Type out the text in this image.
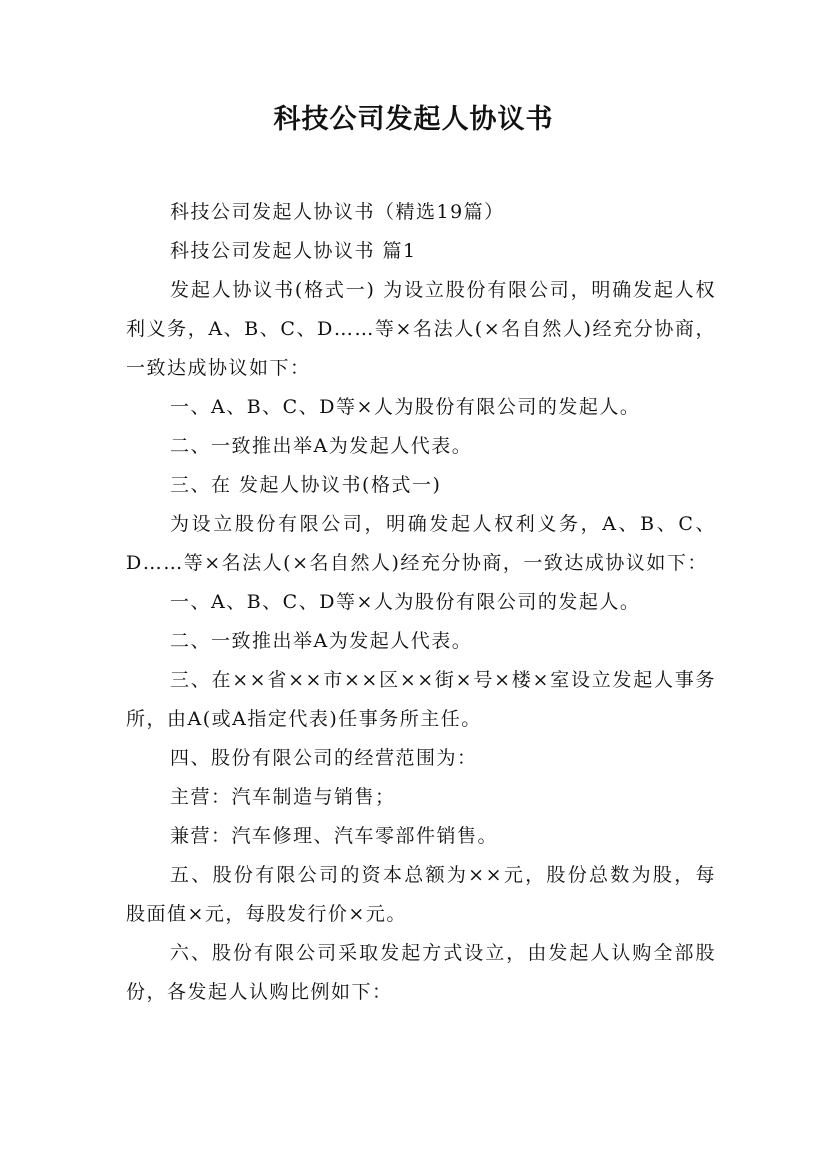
科技公司发起人协议书

科技公司发起人协议书（精选19篇）

科技公司发起人协议书 篇1

发起人协议书(格式一) 为设立股份有限公司，明确发起人权利义务，A、B、C、D……等×名法人(×名自然人)经充分协商，一致达成协议如下：

一、A、B、C、D等×人为股份有限公司的发起人。

二、一致推出举A为发起人代表。

三、在 发起人协议书(格式一)

为设立股份有限公司，明确发起人权利义务，A、B、C、D……等×名法人(×名自然人)经充分协商，一致达成协议如下：

一、A、B、C、D等×人为股份有限公司的发起人。

二、一致推出举A为发起人代表。

三、在××省××市××区××街×号×楼×室设立发起人事务所，由A(或A指定代表)任事务所主任。

四、股份有限公司的经营范围为：

主营：汽车制造与销售；

兼营：汽车修理、汽车零部件销售。

五、股份有限公司的资本总额为××元，股份总数为股，每股面值×元，每股发行价×元。

六、股份有限公司采取发起方式设立，由发起人认购全部股份，各发起人认购比例如下：
